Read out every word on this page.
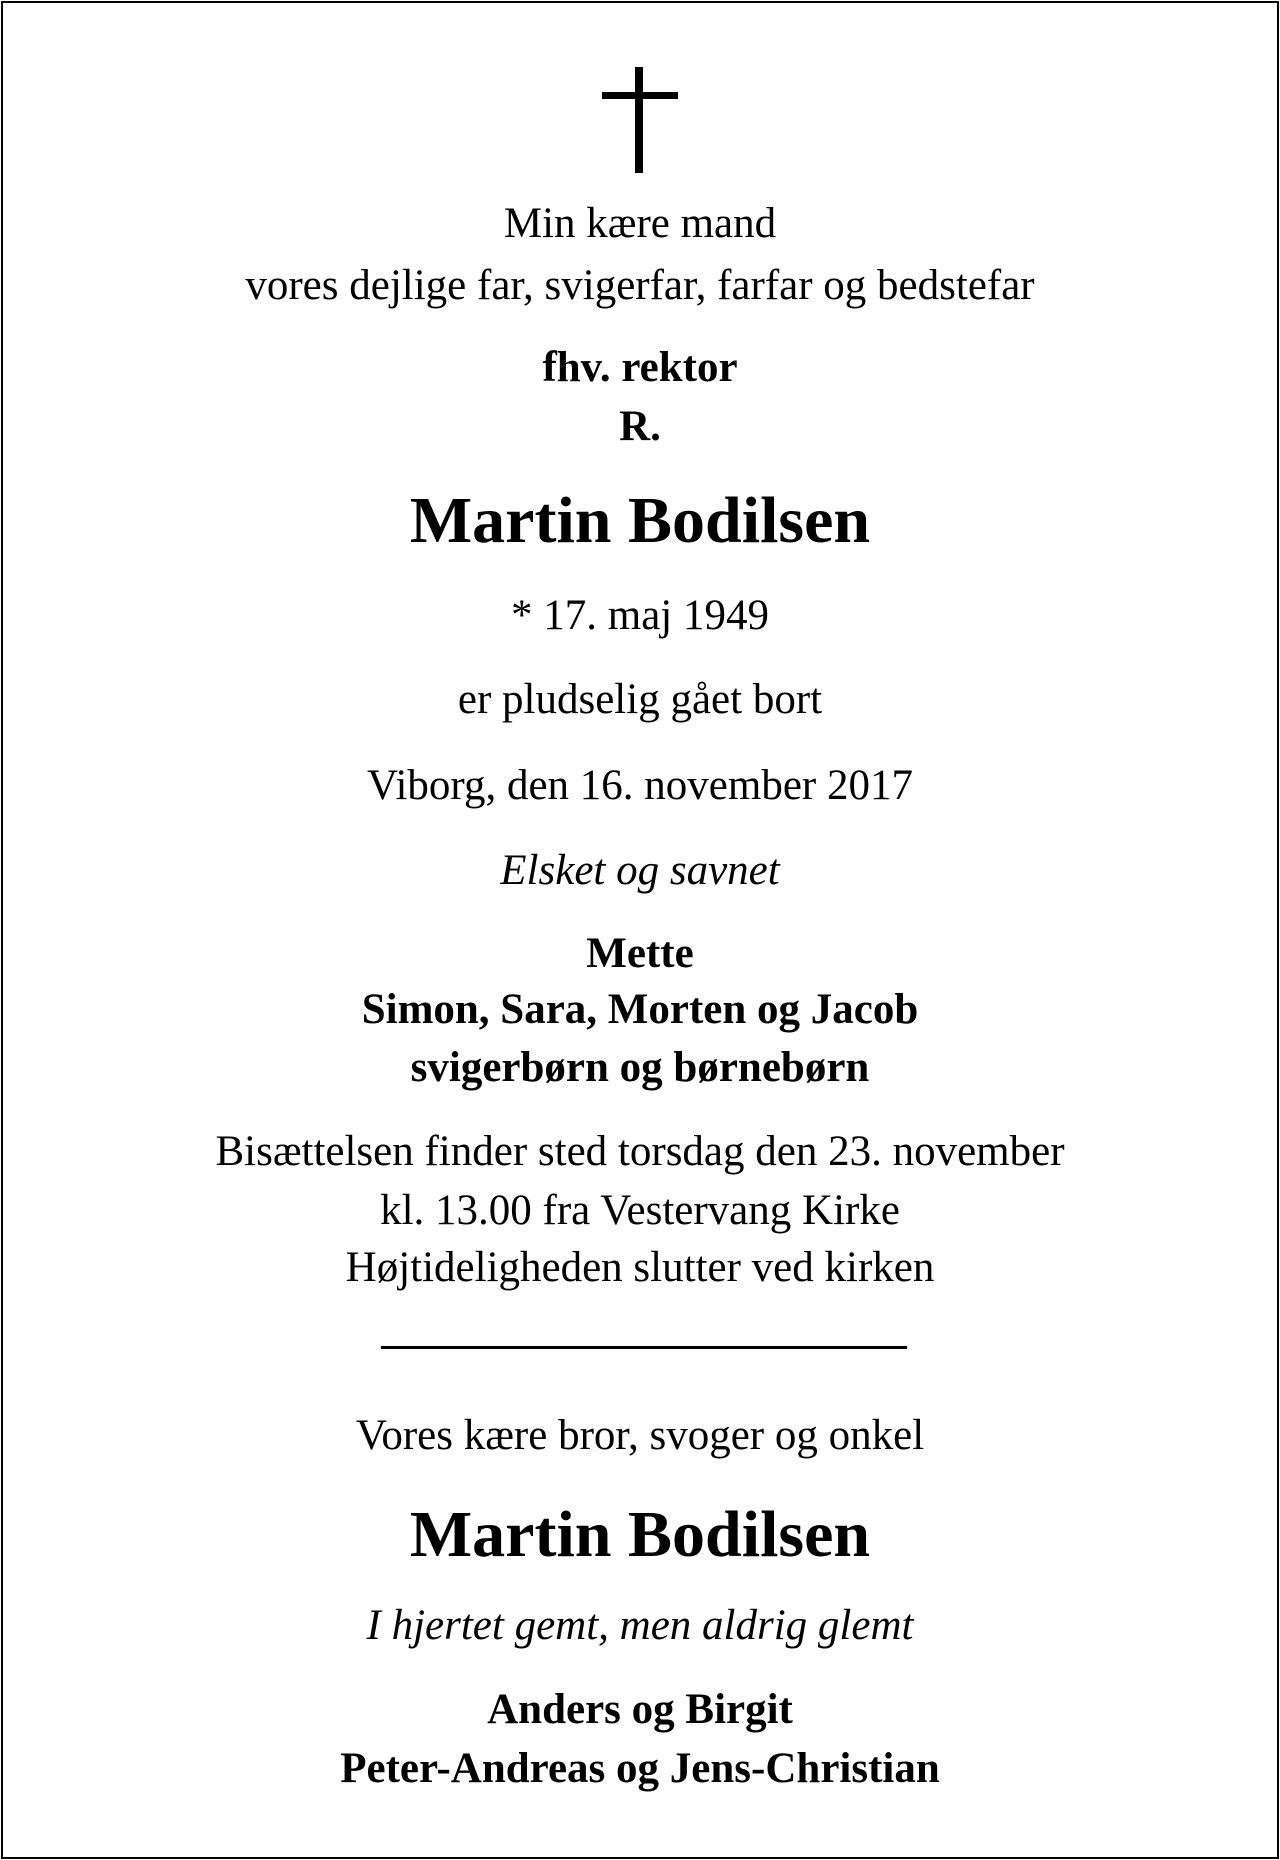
Min kære mand
vores dejlige far, svigerfar, farfar og bedstefar
fhv. rektor
R.
Martin Bodilsen
* 17. maj 1949
er pludselig gået bort
Viborg, den 16. november 2017
Elsket og savnet
Mette
Simon, Sara, Morten og Jacob
svigerbørn og børnebørn
Bisættelsen finder sted torsdag den 23. november
kl. 13.00 fra Vestervang Kirke
Højtideligheden slutter ved kirken
Vores kære bror, svoger og onkel
Martin Bodilsen
I hjertet gemt, men aldrig glemt
Anders og Birgit
Peter-Andreas og Jens-Christian
